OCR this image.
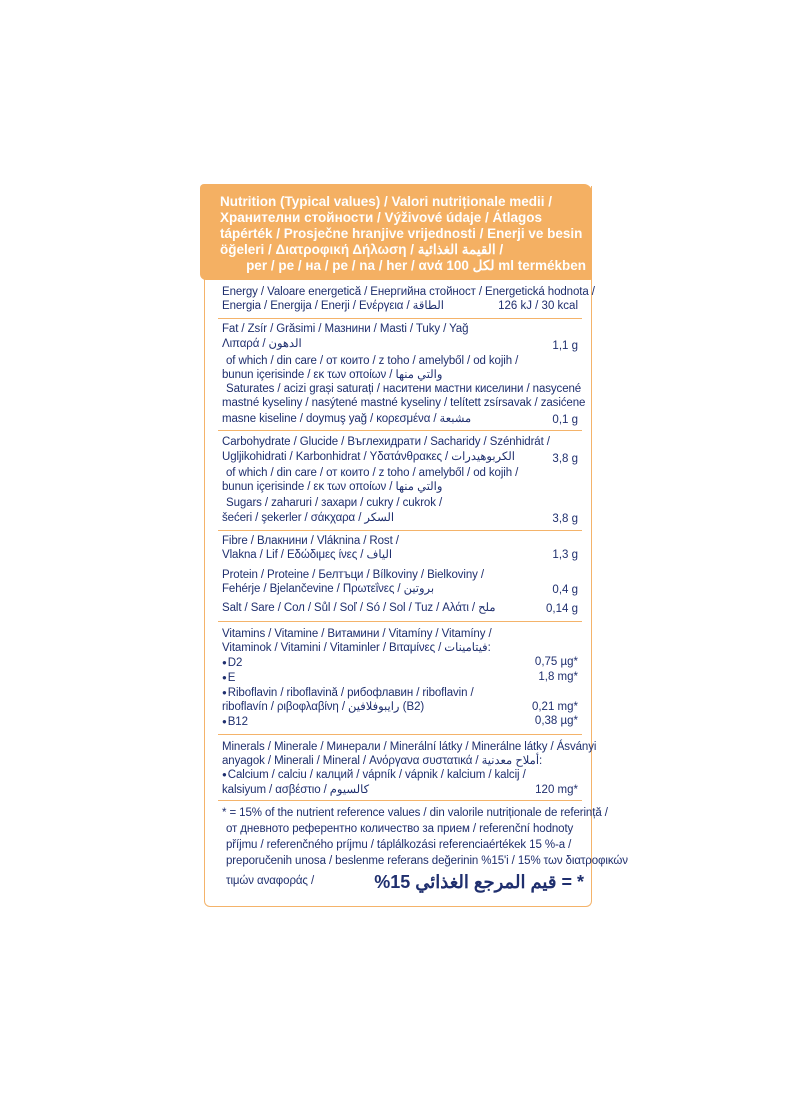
Nutrition (Typical values) / Valori nutriționale medii /
Хранителни стойности / Výživové údaje / Átlagos
tápérték / Prosječne hranjive vrijednosti / Enerji ve besin
öğeleri / Διατροφική Δήλωση / القيمة الغذائية /
per / pe / на / pe / na / her / ανά 100 لكل ml termékben
Energy / Valoare energetică / Енергийна стойност / Energetická hodnota /
Energia / Energija / Enerji / Ενέργεια / الطاقة	126 kJ / 30 kcal
Fat / Zsír / Grăsimi / Мазнини / Masti / Tuky / Yağ
Λιπαρά / الدهون	1,1 g
of which / din care / от които / z toho / amelyből / od kojih /
bunun içerisinde / εκ των οποίων / والتي منها
Saturates / acizi grași saturați / наситени мастни киселини / nasycené
mastné kyseliny / nasýtené mastné kyseliny / telített zsírsavak / zasićene
masne kiseline / doymuş yağ / κορεσμένα / مشبعة	0,1 g
Carbohydrate / Glucide / Въглехидрати / Sacharidy / Szénhidrát /
Ugljikohidrati / Karbonhidrat / Υδατάνθρακες / الكربوهيدرات	3,8 g
of which / din care / от които / z toho / amelyből / od kojih /
bunun içerisinde / εκ των οποίων / والتي منها
Sugars / zaharuri / захари / cukry / cukrok /
šećeri / şekerler / σάκχαρα / السكر	3,8 g
Fibre / Влакнини / Vláknina / Rost /
Vlakna / Lif / Εδώδιμες ίνες / الياف	1,3 g
Protein / Proteine / Белтъци / Bílkoviny / Bielkoviny /
Fehérje / Bjelančevine / Πρωτεΐνες / بروتين	0,4 g
Salt / Sare / Сол / Sůl / Soľ / Só / Sol / Tuz / Αλάτι / ملح	0,14 g
Vitamins / Vitamine / Витамини / Vitamíny / Vitamíny /
Vitaminok / Vitamini / Vitaminler / Βιταμίνες / فيتامينات:
● D2	0,75 µg*
● E	1,8 mg*
● Riboflavin / riboflavină / рибофлавин / riboflavin /
riboflavín / ριβοφλαβίνη / رايبوفلافين (B2)	0,21 mg*
● B12	0,38 µg*
Minerals / Minerale / Минерали / Minerální látky / Minerálne látky / Ásványi
anyagok / Minerali / Mineral / Ανόργανα συστατικά / أملاح معدنية:
● Calcium / calciu / калций / vápník / vápnik / kalcium / kalcij /
kalsiyum / ασβέστιο / كالسيوم	120 mg*
* = 15% of the nutrient reference values / din valorile nutriționale de referință /
от дневното референтно количество за прием / referenční hodnoty
příjmu / referenčného príjmu / táplálkozási referenciaértékek 15 %-a /
preporučenih unosa / beslenme referans değerinin %15'i / 15% των διατροφικών
τιμών αναφοράς /	%15 قيم المرجع الغذائي = *
